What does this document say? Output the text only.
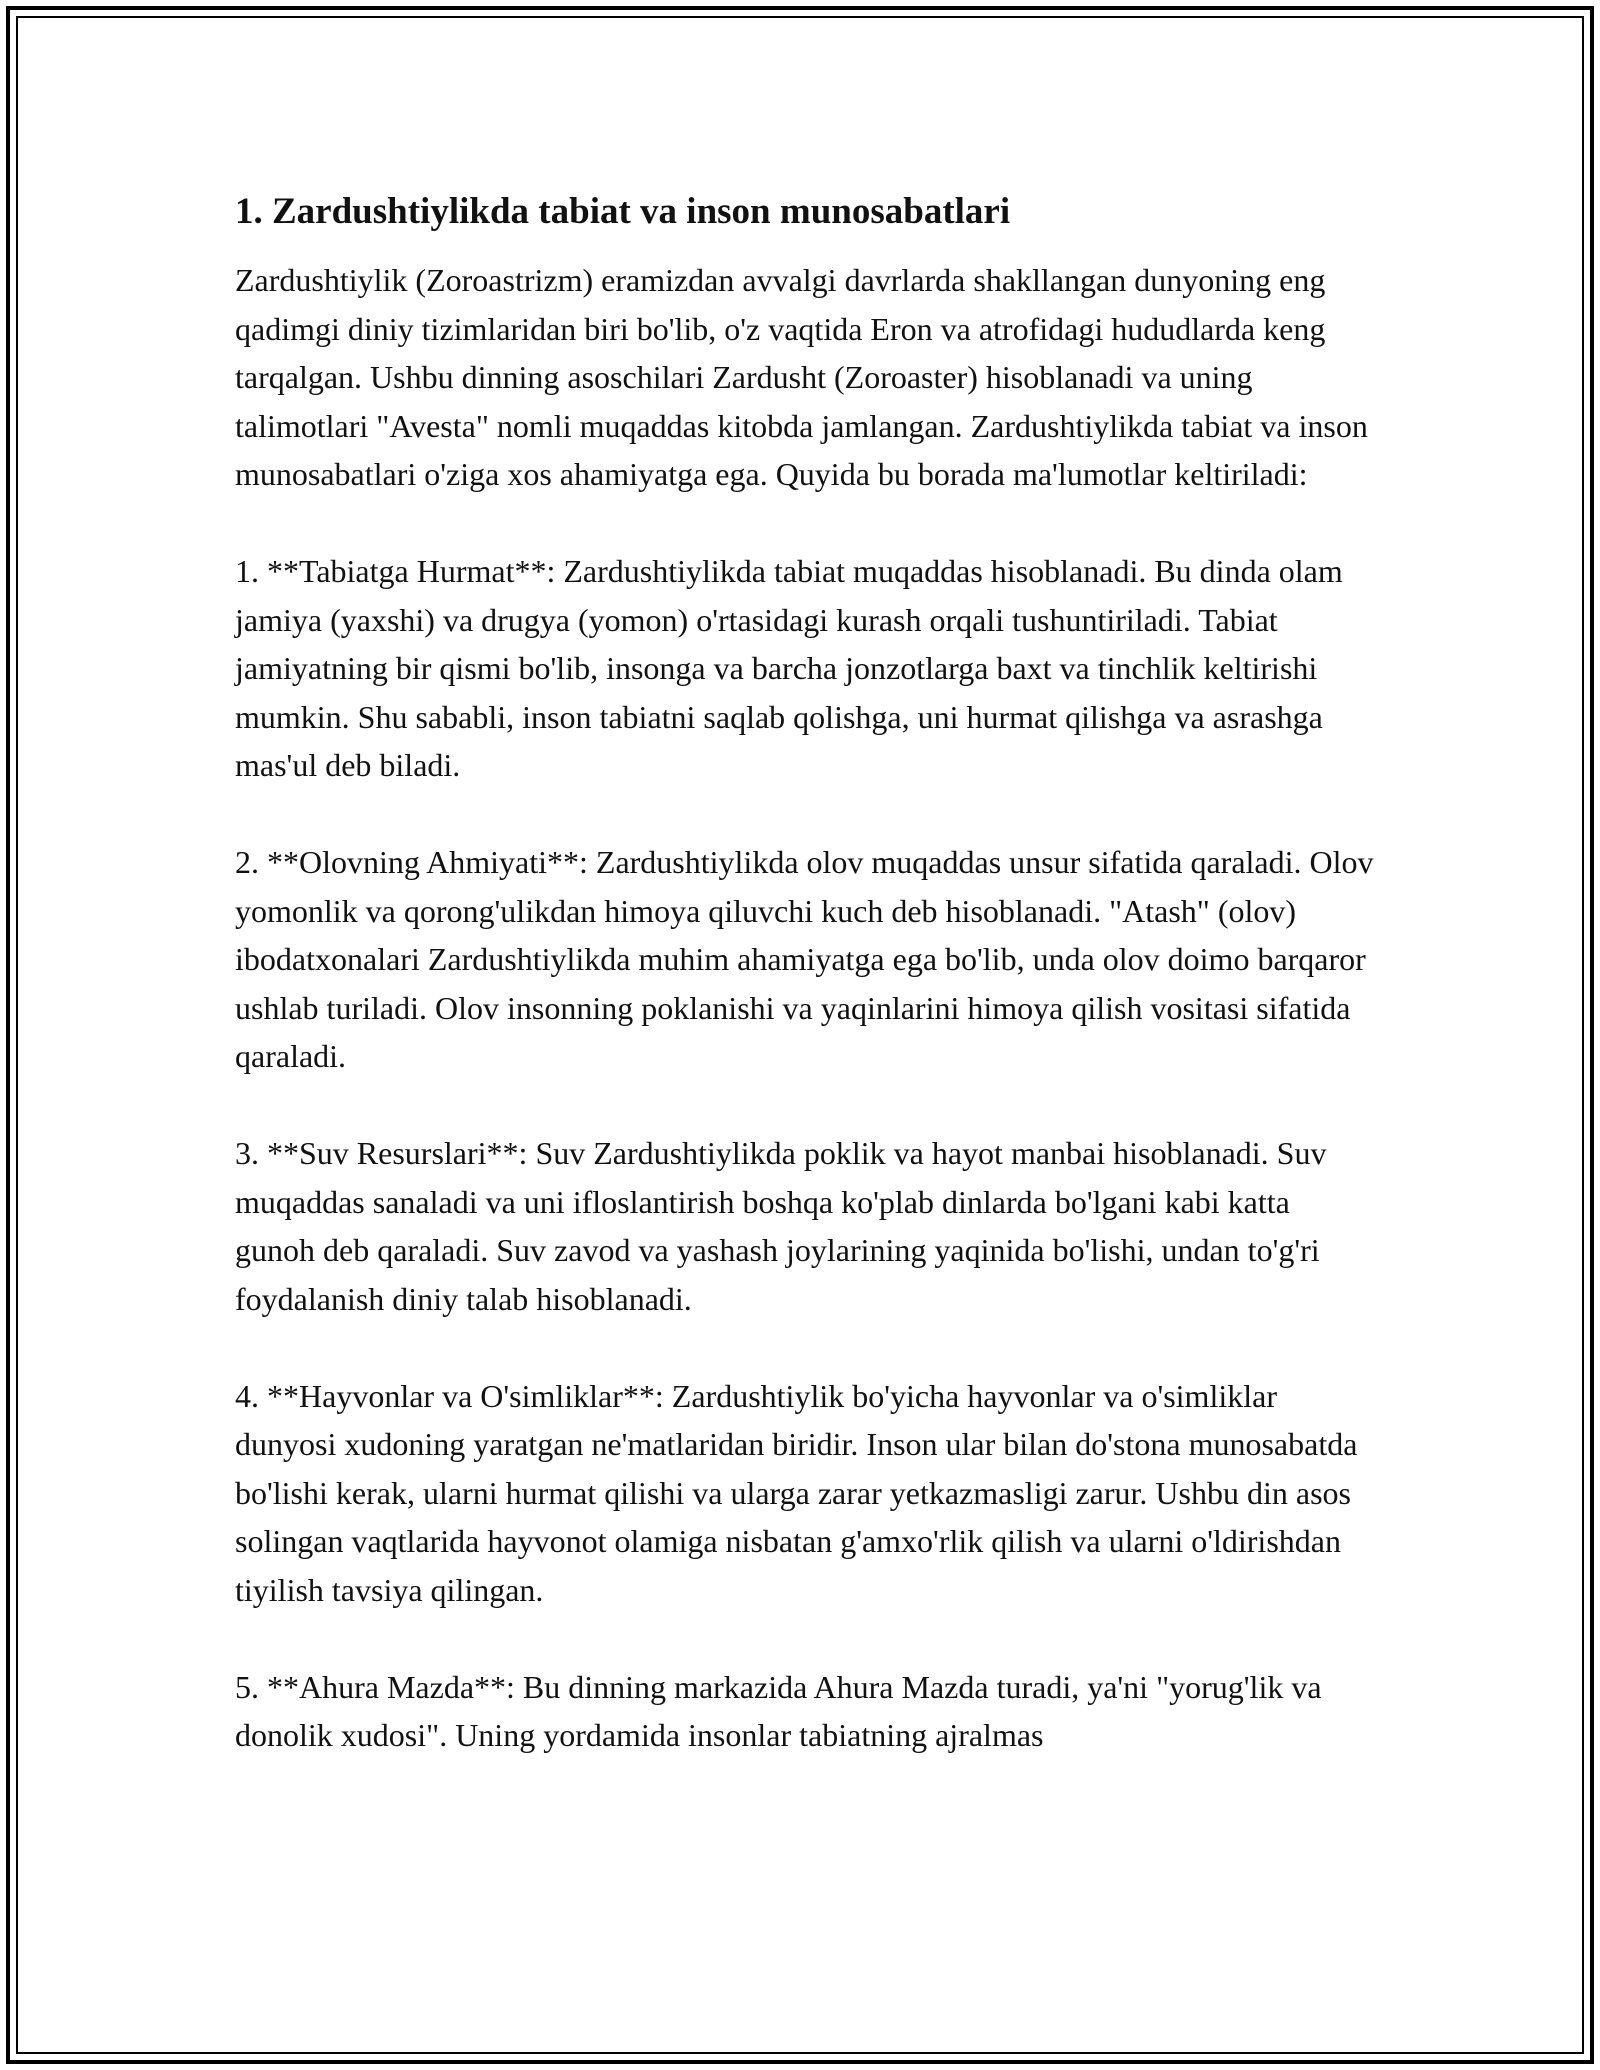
1. Zardushtiylikda tabiat va inson munosabatlari

Zardushtiylik (Zoroastrizm) eramizdan avvalgi davrlarda shakllangan dunyoning eng qadimgi diniy tizimlaridan biri bo'lib, o'z vaqtida Eron va atrofidagi hududlarda keng tarqalgan. Ushbu dinning asoschilari Zardusht (Zoroaster) hisoblanadi va uning talimotlari "Avesta" nomli muqaddas kitobda jamlangan. Zardushtiylikda tabiat va inson munosabatlari o'ziga xos ahamiyatga ega. Quyida bu borada ma'lumotlar keltiriladi:

1. **Tabiatga Hurmat**: Zardushtiylikda tabiat muqaddas hisoblanadi. Bu dinda olam jamiya (yaxshi) va drugya (yomon) o'rtasidagi kurash orqali tushuntiriladi. Tabiat jamiyatning bir qismi bo'lib, insonga va barcha jonzotlarga baxt va tinchlik keltirishi mumkin. Shu sababli, inson tabiatni saqlab qolishga, uni hurmat qilishga va asrashga mas'ul deb biladi.

2. **Olovning Ahmiyati**: Zardushtiylikda olov muqaddas unsur sifatida qaraladi. Olov yomonlik va qorong'ulikdan himoya qiluvchi kuch deb hisoblanadi. "Atash" (olov) ibodatxonalari Zardushtiylikda muhim ahamiyatga ega bo'lib, unda olov doimo barqaror ushlab turiladi. Olov insonning poklanishi va yaqinlarini himoya qilish vositasi sifatida qaraladi.

3. **Suv Resurslari**: Suv Zardushtiylikda poklik va hayot manbai hisoblanadi. Suv muqaddas sanaladi va uni ifloslantirish boshqa ko'plab dinlarda bo'lgani kabi katta gunoh deb qaraladi. Suv zavod va yashash joylarining yaqinida bo'lishi, undan to'g'ri foydalanish diniy talab hisoblanadi.

4. **Hayvonlar va O'simliklar**: Zardushtiylik bo'yicha hayvonlar va o'simliklar dunyosi xudoning yaratgan ne'matlaridan biridir. Inson ular bilan do'stona munosabatda bo'lishi kerak, ularni hurmat qilishi va ularga zarar yetkazmasligi zarur. Ushbu din asos solingan vaqtlarida hayvonot olamiga nisbatan g'amxo'rlik qilish va ularni o'ldirishdan tiyilish tavsiya qilingan.

5. **Ahura Mazda**: Bu dinning markazida Ahura Mazda turadi, ya'ni "yorug'lik va donolik xudosi". Uning yordamida insonlar tabiatning ajralmas
